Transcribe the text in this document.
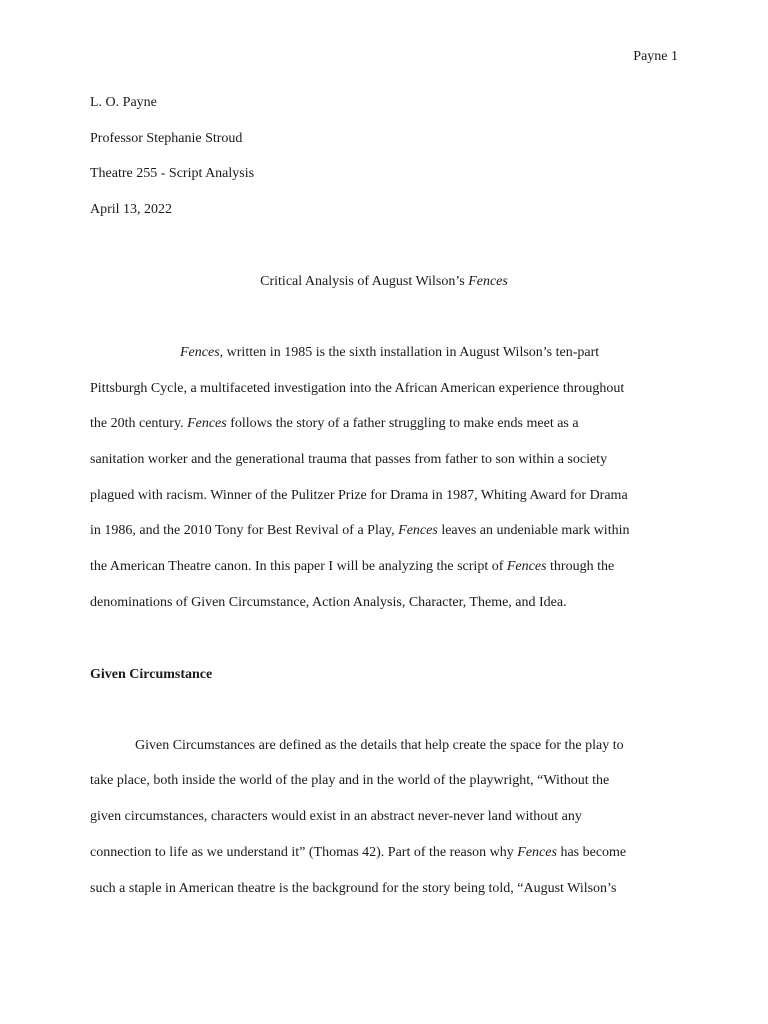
Payne 1
L. O. Payne
Professor Stephanie Stroud
Theatre 255 - Script Analysis
April 13, 2022
Critical Analysis of August Wilson’s Fences
Fences, written in 1985 is the sixth installation in August Wilson’s ten-part
Pittsburgh Cycle, a multifaceted investigation into the African American experience throughout
the 20th century. Fences follows the story of a father struggling to make ends meet as a
sanitation worker and the generational trauma that passes from father to son within a society
plagued with racism. Winner of the Pulitzer Prize for Drama in 1987, Whiting Award for Drama
in 1986, and the 2010 Tony for Best Revival of a Play, Fences leaves an undeniable mark within
the American Theatre canon. In this paper I will be analyzing the script of Fences through the
denominations of Given Circumstance, Action Analysis, Character, Theme, and Idea.
Given Circumstance
Given Circumstances are defined as the details that help create the space for the play to
take place, both inside the world of the play and in the world of the playwright, “Without the
given circumstances, characters would exist in an abstract never-never land without any
connection to life as we understand it” (Thomas 42). Part of the reason why Fences has become
such a staple in American theatre is the background for the story being told, “August Wilson’s
